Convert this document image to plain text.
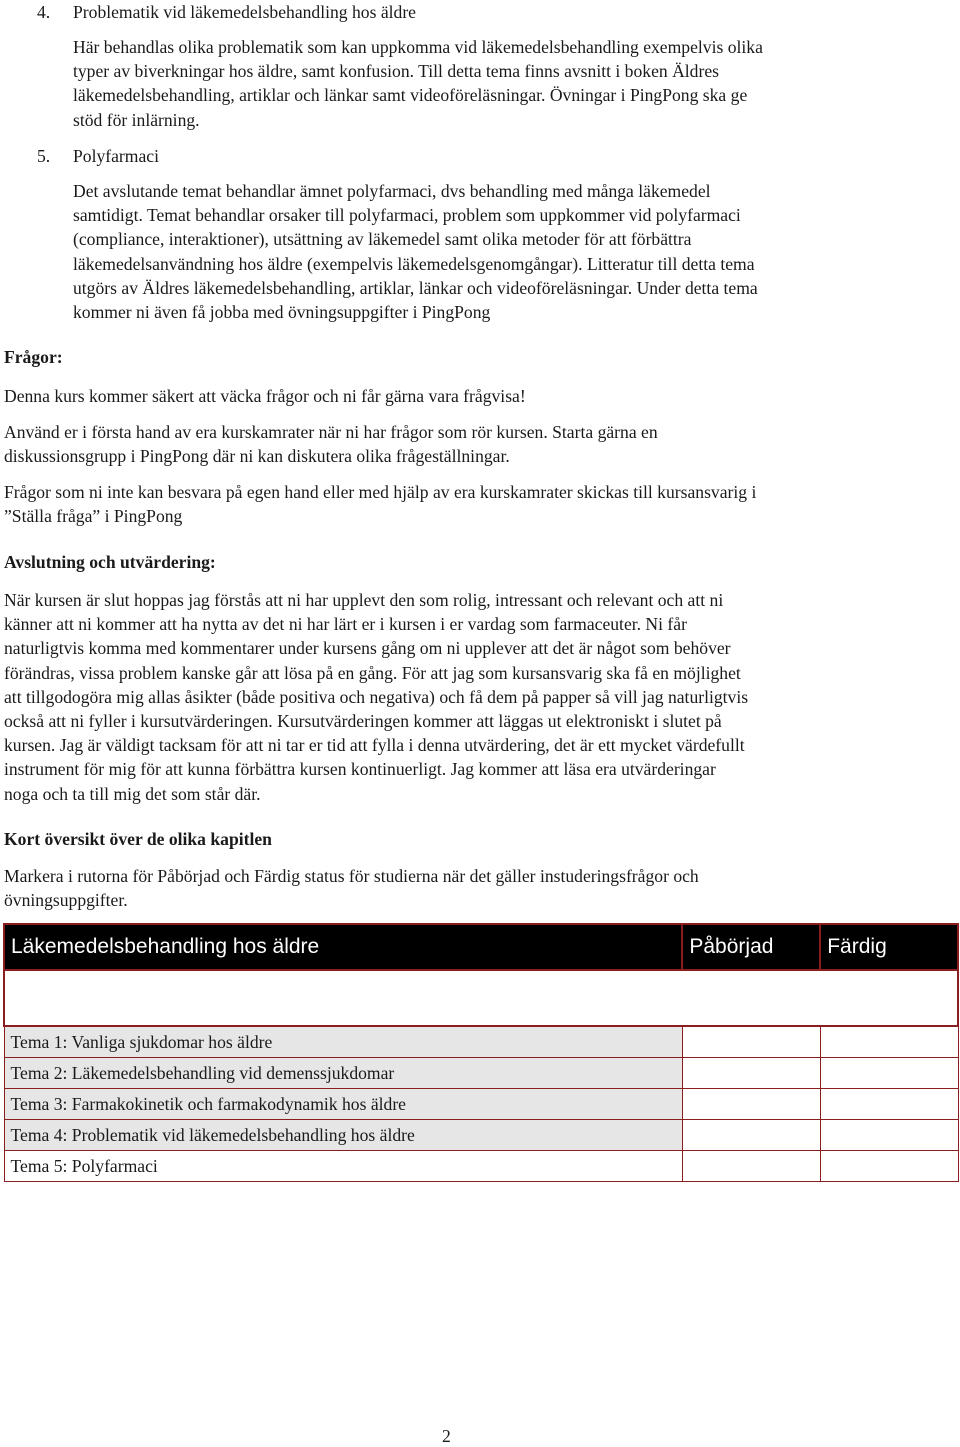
4. Problematik vid läkemedelsbehandling hos äldre
Här behandlas olika problematik som kan uppkomma vid läkemedelsbehandling exempelvis olika
typer av biverkningar hos äldre, samt konfusion. Till detta tema finns avsnitt i boken Äldres
läkemedelsbehandling, artiklar och länkar samt videoföreläsningar. Övningar i PingPong ska ge
stöd för inlärning.
5. Polyfarmaci
Det avslutande temat behandlar ämnet polyfarmaci, dvs behandling med många läkemedel
samtidigt. Temat behandlar orsaker till polyfarmaci, problem som uppkommer vid polyfarmaci
(compliance, interaktioner), utsättning av läkemedel samt olika metoder för att förbättra
läkemedelsanvändning hos äldre (exempelvis läkemedelsgenomgångar). Litteratur till detta tema
utgörs av Äldres läkemedelsbehandling, artiklar, länkar och videoföreläsningar. Under detta tema
kommer ni även få jobba med övningsuppgifter i PingPong
Frågor:
Denna kurs kommer säkert att väcka frågor och ni får gärna vara frågvisa!
Använd er i första hand av era kurskamrater när ni har frågor som rör kursen. Starta gärna en
diskussionsgrupp i PingPong där ni kan diskutera olika frågeställningar.
Frågor som ni inte kan besvara på egen hand eller med hjälp av era kurskamrater skickas till kursansvarig i
”Ställa fråga” i PingPong
Avslutning och utvärdering:
När kursen är slut hoppas jag förstås att ni har upplevt den som rolig, intressant och relevant och att ni
känner att ni kommer att ha nytta av det ni har lärt er i kursen i er vardag som farmaceuter. Ni får
naturligtvis komma med kommentarer under kursens gång om ni upplever att det är något som behöver
förändras, vissa problem kanske går att lösa på en gång. För att jag som kursansvarig ska få en möjlighet
att tillgodogöra mig allas åsikter (både positiva och negativa) och få dem på papper så vill jag naturligtvis
också att ni fyller i kursutvärderingen. Kursutvärderingen kommer att läggas ut elektroniskt i slutet på
kursen. Jag är väldigt tacksam för att ni tar er tid att fylla i denna utvärdering, det är ett mycket värdefullt
instrument för mig för att kunna förbättra kursen kontinuerligt. Jag kommer att läsa era utvärderingar
noga och ta till mig det som står där.
Kort översikt över de olika kapitlen
Markera i rutorna för Påbörjad och Färdig status för studierna när det gäller instuderingsfrågor och
övningsuppgifter.
Läkemedelsbehandling hos äldre	Påbörjad	Färdig

Tema 1: Vanliga sjukdomar hos äldre		
Tema 2: Läkemedelsbehandling vid demenssjukdomar		
Tema 3: Farmakokinetik och farmakodynamik hos äldre		
Tema 4: Problematik vid läkemedelsbehandling hos äldre		
Tema 5: Polyfarmaci		
2
